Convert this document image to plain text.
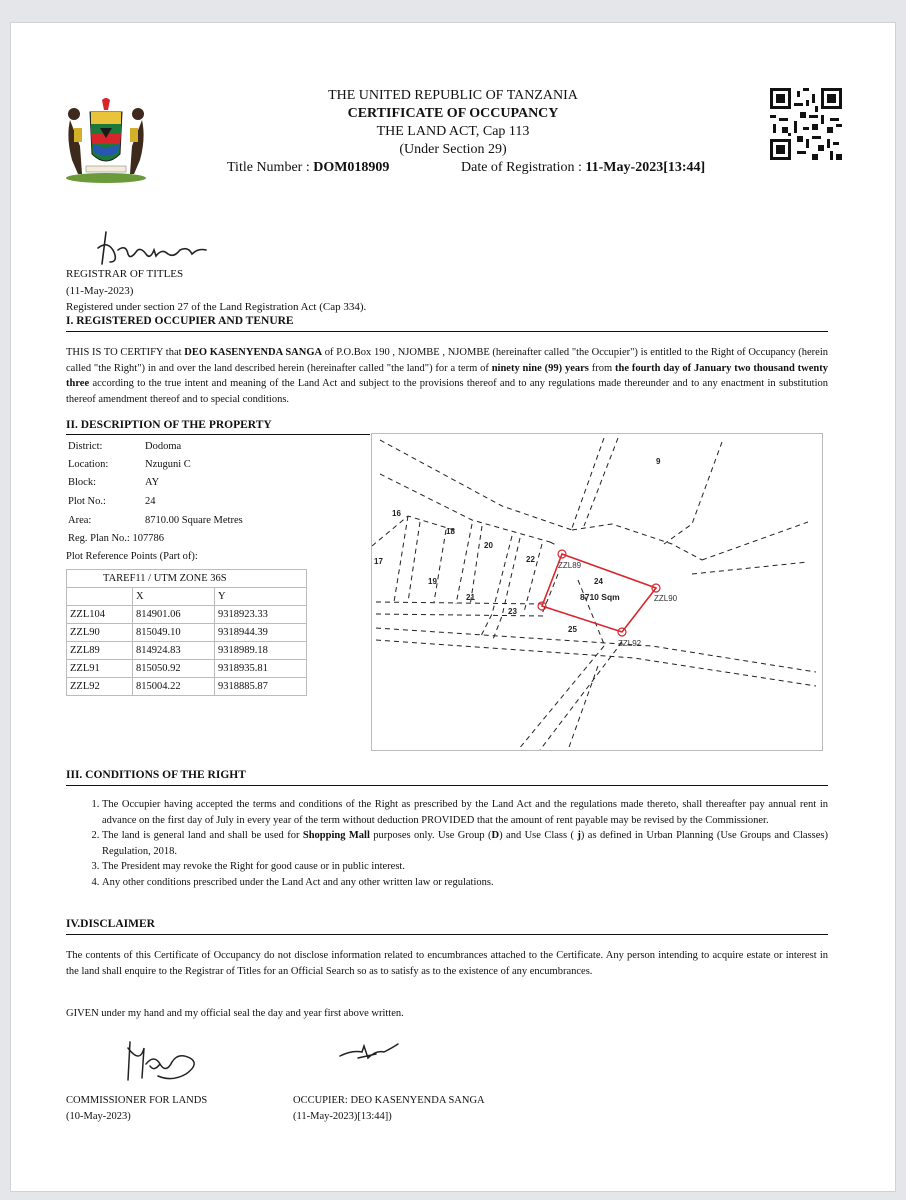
THE UNITED REPUBLIC OF TANZANIA
CERTIFICATE OF OCCUPANCY
THE LAND ACT, Cap 113
(Under Section 29)
Title Number : DOM018909	Date of Registration : 11-May-2023[13:44]
REGISTRAR OF TITLES
(11-May-2023)
Registered under section 27 of the Land Registration Act (Cap 334).
I. REGISTERED OCCUPIER AND TENURE
THIS IS TO CERTIFY that DEO KASENYENDA SANGA of P.O.Box 190 , NJOMBE , NJOMBE (hereinafter called "the Occupier") is entitled to the Right of Occupancy (herein called "the Right") in and over the land described herein (hereinafter called "the land") for a term of ninety nine (99) years from the fourth day of January two thousand twenty three according to the true intent and meaning of the Land Act and subject to the provisions thereof and to any regulations made thereunder and to any enactment in substitution thereof amendment thereof and to special conditions.
II. DESCRIPTION OF THE PROPERTY
District:	Dodoma
Location:	Nzuguni C
Block:	AY
Plot No.:	24
Area:	8710.00 Square Metres
Reg. Plan No.: 107786
Plot Reference Points (Part of):
TAREF11 / UTM ZONE 36S		
	X	Y
ZZL104	814901.06	9318923.33
ZZL90	815049.10	9318944.39
ZZL89	814924.83	9318989.18
ZZL91	815050.92	9318935.81
ZZL92	815004.22	9318885.87
9
16
17
18
19
20
21
22
23
24
25
8710 Sqm
ZZL89
ZZL90
ZZL92
III. CONDITIONS OF THE RIGHT
1. The Occupier having accepted the terms and conditions of the Right as prescribed by the Land Act and the regulations made thereto, shall thereafter pay annual rent in advance on the first day of July in every year of the term without deduction PROVIDED that the amount of rent payable may be revised by the Commissioner.
2. The land is general land and shall be used for Shopping Mall purposes only. Use Group (D) and Use Class ( j) as defined in Urban Planning (Use Groups and Classes) Regulation, 2018.
3. The President may revoke the Right for good cause or in public interest.
4. Any other conditions prescribed under the Land Act and any other written law or regulations.
IV.DISCLAIMER
The contents of this Certificate of Occupancy do not disclose information related to encumbrances attached to the Certificate. Any person intending to acquire estate or interest in the land shall enquire to the Registrar of Titles for an Official Search so as to satisfy as to the existence of any encumbrances.
GIVEN under my hand and my official seal the day and year first above written.
COMMISSIONER FOR LANDS
(10-May-2023)
OCCUPIER: DEO KASENYENDA SANGA
(11-May-2023)[13:44])
